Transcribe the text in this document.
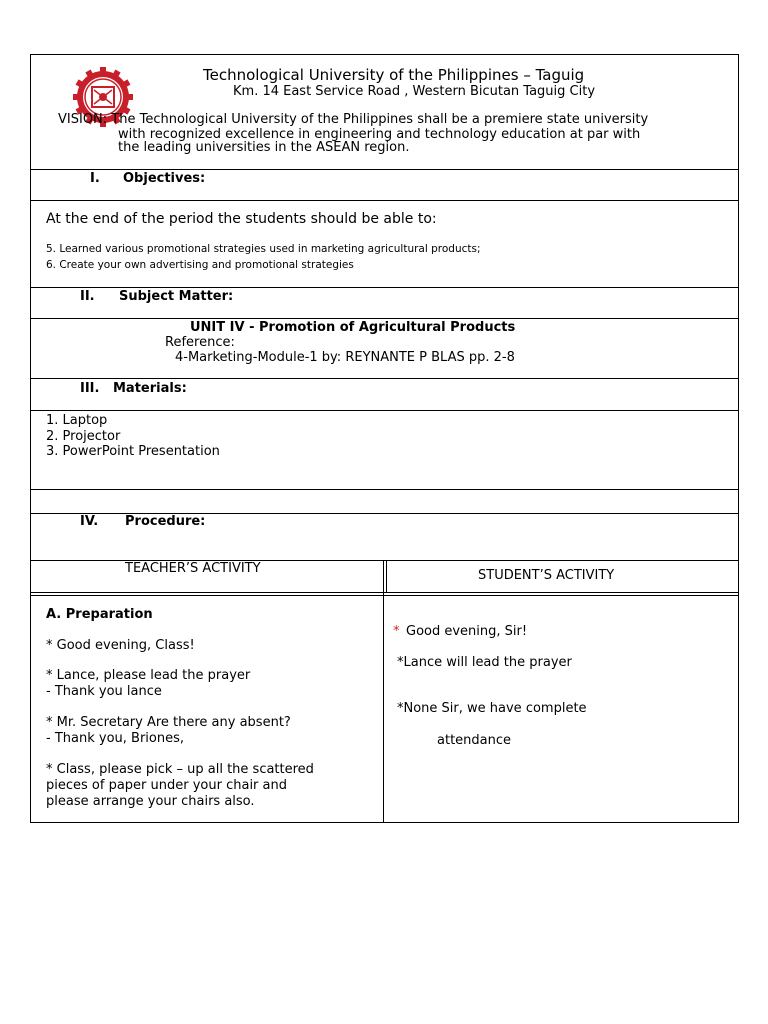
Technological University of the Philippines – Taguig
Km. 14 East Service Road , Western Bicutan Taguig City
VISION: The Technological University of the Philippines shall be a premiere state university
with recognized excellence in engineering and technology education at par with
the leading universities in the ASEAN region.
I. Objectives:
At the end of the period the students should be able to:
5. Learned various promotional strategies used in marketing agricultural products;
6. Create your own advertising and promotional strategies
II. Subject Matter:
UNIT IV - Promotion of Agricultural Products
Reference:
4-Marketing-Module-1 by: REYNANTE P BLAS pp. 2-8
III. Materials:
1. Laptop
2. Projector
3. PowerPoint Presentation
IV. Procedure:
TEACHER’S ACTIVITY	STUDENT’S ACTIVITY
A. Preparation
* Good evening, Class!
* Lance, please lead the prayer
- Thank you lance
* Mr. Secretary Are there any absent?
- Thank you, Briones,
* Class, please pick – up all the scattered
pieces of paper under your chair and
please arrange your chairs also.
* Good evening, Sir!
*Lance will lead the prayer
*None Sir, we have complete
attendance
